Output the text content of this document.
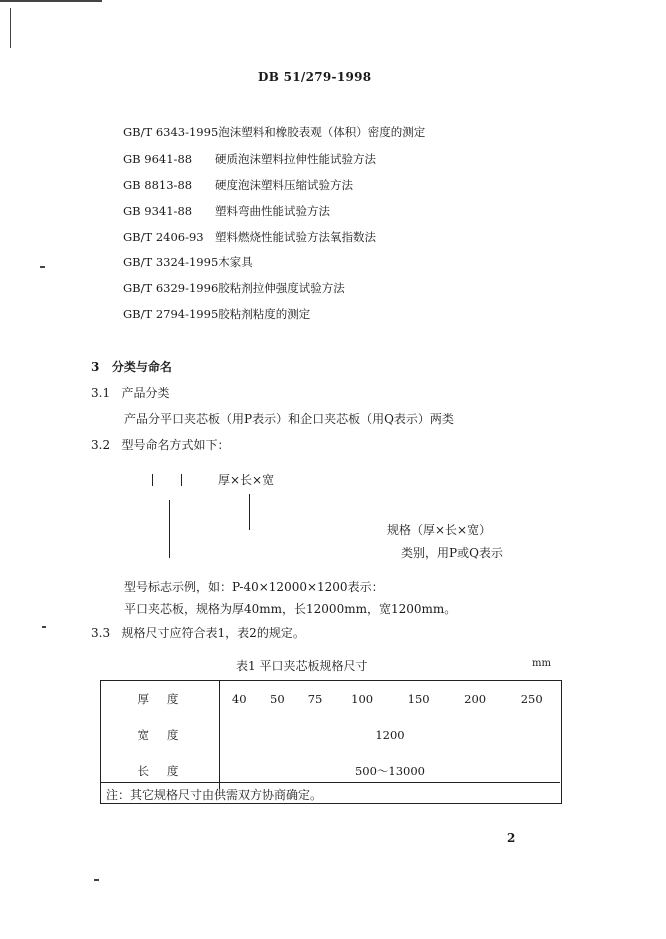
DB 51/279-1998
GB/T 6343-1995泡沫塑料和橡胶表观（体积）密度的测定
GB 9641-88 硬质泡沫塑料拉伸性能试验方法
GB 8813-88 硬度泡沫塑料压缩试验方法
GB 9341-88 塑料弯曲性能试验方法
GB/T 2406-93 塑料燃烧性能试验方法氧指数法
GB/T 3324-1995木家具
GB/T 6329-1996胶粘剂拉伸强度试验方法
GB/T 2794-1995胶粘剂粘度的测定
3 分类与命名
3.1 产品分类
产品分平口夹芯板（用P表示）和企口夹芯板（用Q表示）两类
3.2 型号命名方式如下：
厚×长×宽
规格（厚×长×宽）
类别，用P或Q表示
型号标志示例，如：P-40×12000×1200表示：
平口夹芯板，规格为厚40mm，长12000mm，宽1200mm。
3.3 规格尺寸应符合表1，表2的规定。
表1 平口夹芯板规格尺寸	mm
厚度	40	50	75	100	150	200	250
宽度	1200						
长度	500～13000						
注：其它规格尺寸由供需双方协商确定。
2
